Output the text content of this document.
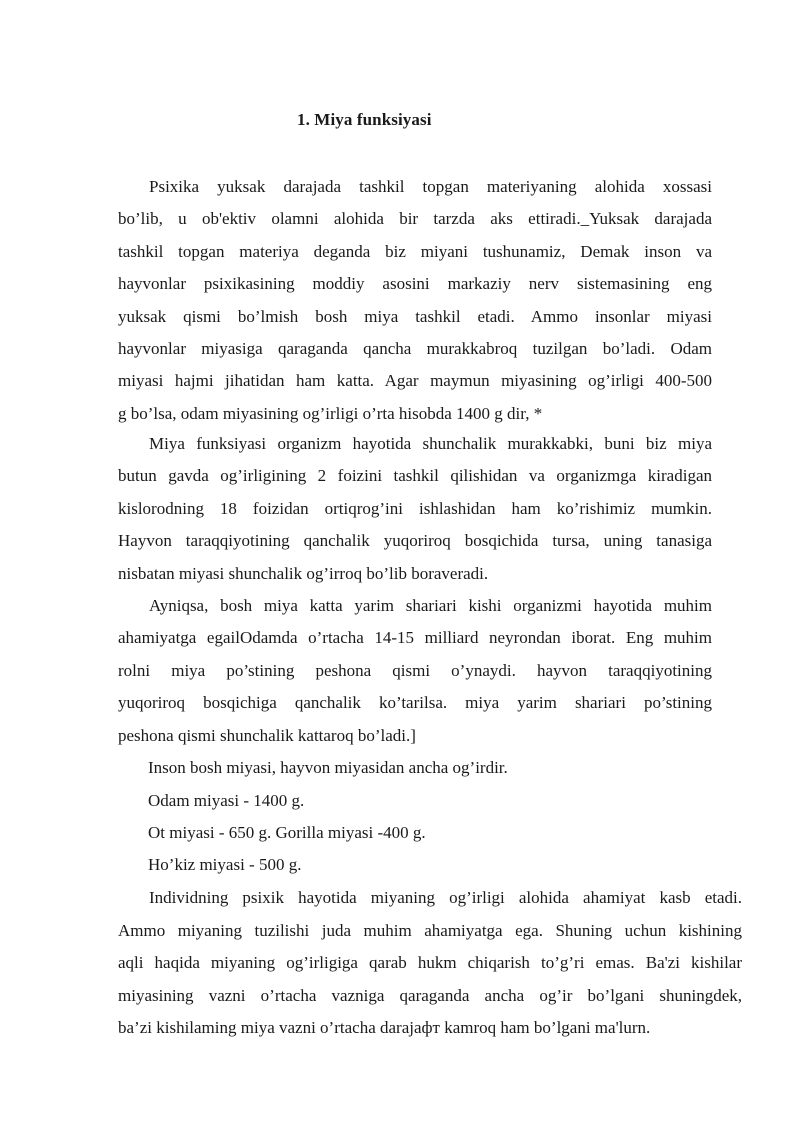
1. Miya funksiyasi
Psixika yuksak darajada tashkil topgan materiyaning alohida xossasi
bo’lib, u ob'ektiv olamni alohida bir tarzda aks ettiradi._Yuksak darajada
tashkil topgan materiya deganda biz miyani tushunamiz, Demak inson va
hayvonlar psixikasining moddiy asosini markaziy nerv sistemasining eng
yuksak qismi bo’lmish bosh miya tashkil etadi. Ammo insonlar miyasi
hayvonlar miyasiga qaraganda qancha murakkabroq tuzilgan bo’ladi. Odam
miyasi hajmi jihatidan ham katta. Agar maymun miyasining og’irligi 400-500
g bo’lsa, odam miyasining og’irligi o’rta hisobda 1400 g dir, *
Miya funksiyasi organizm hayotida shunchalik murakkabki, buni biz miya
butun gavda og’irligining 2 foizini tashkil qilishidan va organizmga kiradigan
kislorodning 18 foizidan ortiqrog’ini ishlashidan ham ko’rishimiz mumkin.
Hayvon taraqqiyotining qanchalik yuqoriroq bosqichida tursa, uning tanasiga
nisbatan miyasi shunchalik og’irroq bo’lib boraveradi.
Ayniqsa, bosh miya katta yarim shariari kishi organizmi hayotida muhim
ahamiyatga egailOdamda o’rtacha 14-15 milliard neyrondan iborat. Eng muhim
rolni miya po’stining peshona qismi o’ynaydi. hayvon taraqqiyotining
yuqoriroq bosqichiga qanchalik ko’tarilsa. miya yarim shariari po’stining
peshona qismi shunchalik kattaroq bo’ladi.]
Inson bosh miyasi, hayvon miyasidan ancha og’irdir.
Odam miyasi - 1400 g.
Ot miyasi - 650 g. Gorilla miyasi -400 g.
Ho’kiz miyasi - 500 g.
Individning psixik hayotida miyaning og’irligi alohida ahamiyat kasb etadi.
Ammo miyaning tuzilishi juda muhim ahamiyatga ega. Shuning uchun kishining
aqli haqida miyaning og’irligiga qarab hukm chiqarish to’g’ri emas. Ba'zi kishilar
miyasining vazni o’rtacha vazniga qaraganda ancha og’ir bo’lgani shuningdek,
ba’zi kishilaming miya vazni o’rtacha darajaфт kamroq ham bo’lgani ma'lurn.
